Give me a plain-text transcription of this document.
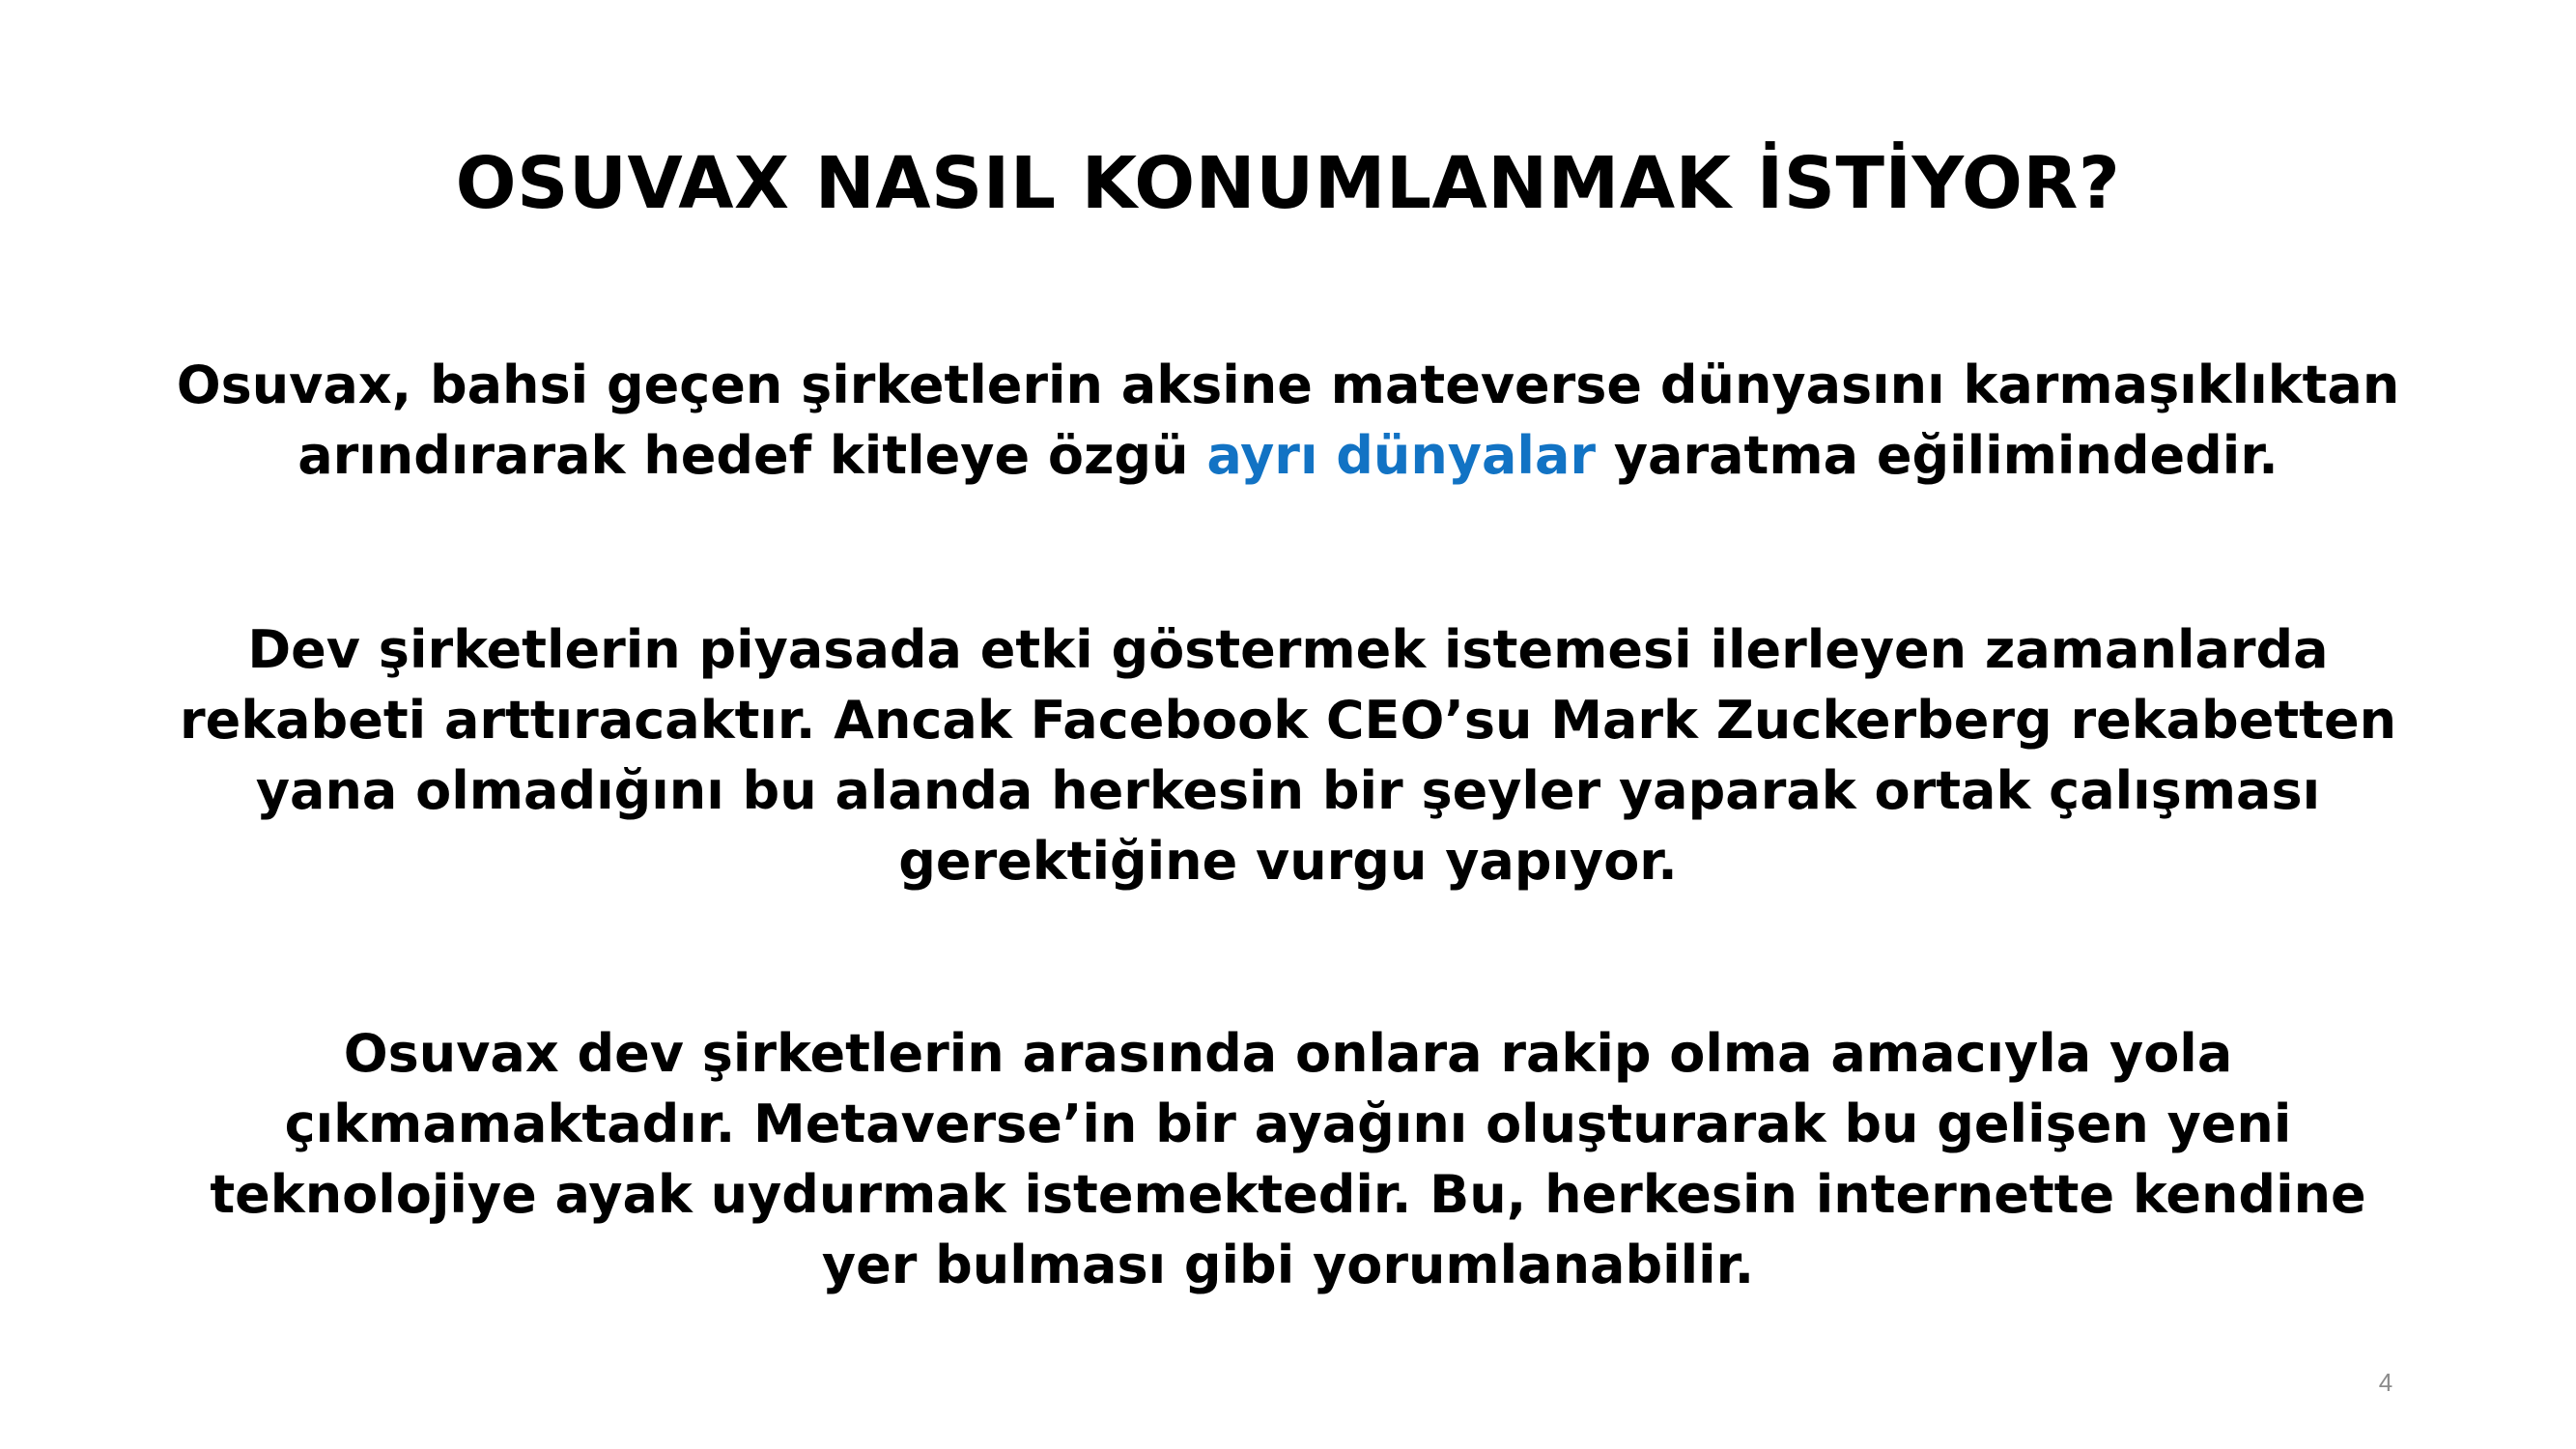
OSUVAX NASIL KONUMLANMAK İSTİYOR?

Osuvax, bahsi geçen şirketlerin aksine mateverse dünyasını karmaşıklıktan arındırarak hedef kitleye özgü ayrı dünyalar yaratma eğilimindedir.

Dev şirketlerin piyasada etki göstermek istemesi ilerleyen zamanlarda rekabeti arttıracaktır. Ancak Facebook CEO’su Mark Zuckerberg rekabetten yana olmadığını bu alanda herkesin bir şeyler yaparak ortak çalışması gerektiğine vurgu yapıyor.

Osuvax dev şirketlerin arasında onlara rakip olma amacıyla yola çıkmamaktadır. Metaverse’in bir ayağını oluşturarak bu gelişen yeni teknolojiye ayak uydurmak istemektedir. Bu, herkesin internette kendine yer bulması gibi yorumlanabilir.

4
